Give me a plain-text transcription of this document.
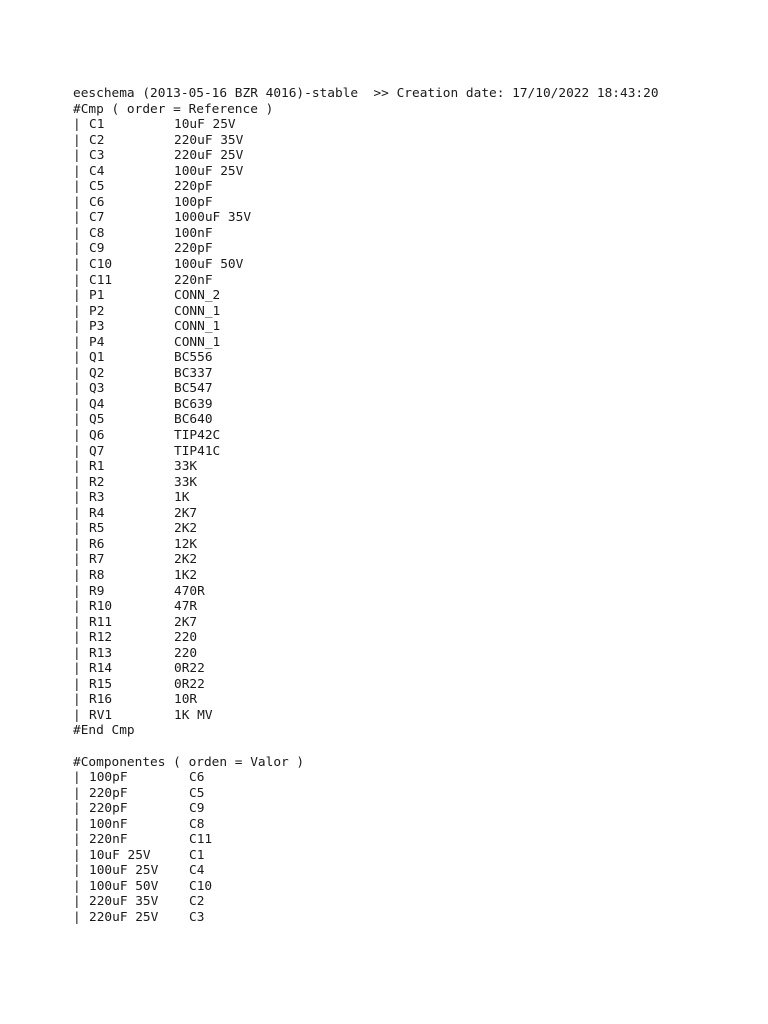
eeschema (2013-05-16 BZR 4016)-stable  >> Creation date: 17/10/2022 18:43:20
#Cmp ( order = Reference )
| C1	10uF 25V
| C2	220uF 35V
| C3	220uF 25V
| C4	100uF 25V
| C5	220pF
| C6	100pF
| C7	1000uF 35V
| C8	100nF
| C9	220pF
| C10	100uF 50V
| C11	220nF
| P1	CONN_2
| P2	CONN_1
| P3	CONN_1
| P4	CONN_1
| Q1	BC556
| Q2	BC337
| Q3	BC547
| Q4	BC639
| Q5	BC640
| Q6	TIP42C
| Q7	TIP41C
| R1	33K
| R2	33K
| R3	1K
| R4	2K7
| R5	2K2
| R6	12K
| R7	2K2
| R8	1K2
| R9	470R
| R10	47R
| R11	2K7
| R12	220
| R13	220
| R14	0R22
| R15	0R22
| R16	10R
| RV1	1K MV
#End Cmp
#Componentes ( orden = Valor )
| 100pF	C6
| 220pF	C5
| 220pF	C9
| 100nF	C8
| 220nF	C11
| 10uF 25V	C1
| 100uF 25V	C4
| 100uF 50V	C10
| 220uF 35V	C2
| 220uF 25V	C3
